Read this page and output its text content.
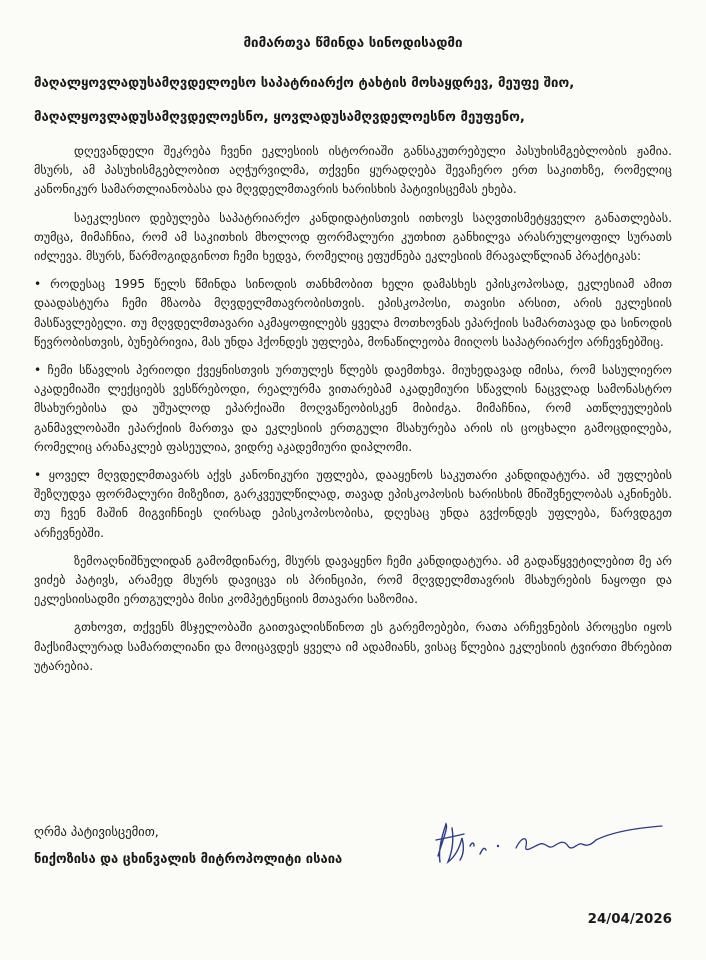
მიმართვა წმინდა სინოდისადმი
მაღალყოვლადუსამღვდელოესო საპატრიარქო ტახტის მოსაყდრევ, მეუფე შიო,
მაღალყოვლადუსამღვდელოესნო, ყოვლადუსამღვდელოესნო მეუფენო,

დღევანდელი შეკრება ჩვენი ეკლესიის ისტორიაში განსაკუთრებული პასუხისმგებლობის ჟამია. მსურს, ამ პასუხისმგებლობით აღჭურვილმა, თქვენი ყურადღება შევაჩერო ერთ საკითხზე, რომელიც კანონიკურ სამართლიანობასა და მღვდელმთავრის ხარისხის პატივისცემას ეხება.

საეკლესიო დებულება საპატრიარქო კანდიდატისთვის ითხოვს საღვთისმეტყველო განათლებას. თუმცა, მიმაჩნია, რომ ამ საკითხის მხოლოდ ფორმალური კუთხით განხილვა არასრულყოფილ სურათს იძლევა. მსურს, წარმოგიდგინოთ ჩემი ხედვა, რომელიც ეფუძნება ეკლესიის მრავალწლიან პრაქტიკას:

• როდესაც 1995 წელს წმინდა სინოდის თანხმობით ხელი დამასხეს ეპისკოპოსად, ეკლესიამ ამით დაადასტურა ჩემი მზაობა მღვდელმთავრობისთვის. ეპისკოპოსი, თავისი არსით, არის ეკლესიის მასწავლებელი. თუ მღვდელმთავარი აკმაყოფილებს ყველა მოთხოვნას ეპარქიის სამართავად და სინოდის წევრობისთვის, ბუნებრივია, მას უნდა ჰქონდეს უფლება, მონაწილეობა მიიღოს საპატრიარქო არჩევნებშიც.

• ჩემი სწავლის პერიოდი ქვეყნისთვის ურთულეს წლებს დაემთხვა. მიუხედავად იმისა, რომ სასულიერო აკადემიაში ლექციებს ვესწრებოდი, რეალურმა ვითარებამ აკადემიური სწავლის ნაცვლად სამონასტრო მსახურებისა და უშუალოდ ეპარქიაში მოღვაწეობისკენ მიბიძგა. მიმაჩნია, რომ ათწლეულების განმავლობაში ეპარქიის მართვა და ეკლესიის ერთგული მსახურება არის ის ცოცხალი გამოცდილება, რომელიც არანაკლებ ფასეულია, ვიდრე აკადემიური დიპლომი.

• ყოველ მღვდელმთავარს აქვს კანონიკური უფლება, დააყენოს საკუთარი კანდიდატურა. ამ უფლების შეზღუდვა ფორმალური მიზეზით, გარკვეულწილად, თავად ეპისკოპოსის ხარისხის მნიშვნელობას აკნინებს. თუ ჩვენ მაშინ მიგვიჩნიეს ღირსად ეპისკოპოსობისა, დღესაც უნდა გვქონდეს უფლება, წარვდგეთ არჩევნებში.

ზემოაღნიშნულიდან გამომდინარე, მსურს დავაყენო ჩემი კანდიდატურა. ამ გადაწყვეტილებით მე არ ვიძებ პატივს, არამედ მსურს დავიცვა ის პრინციპი, რომ მღვდელმთავრის მსახურების ნაყოფი და ეკლესიისადმი ერთგულება მისი კომპეტენციის მთავარი საზომია.

გთხოვთ, თქვენს მსჯელობაში გაითვალისწინოთ ეს გარემოებები, რათა არჩევნების პროცესი იყოს მაქსიმალურად სამართლიანი და მოიცავდეს ყველა იმ ადამიანს, ვისაც წლებია ეკლესიის ტვირთი მხრებით უტარებია.

ღრმა პატივისცემით,
ნიქოზისა და ცხინვალის მიტროპოლიტი ისაია
24/04/2026
